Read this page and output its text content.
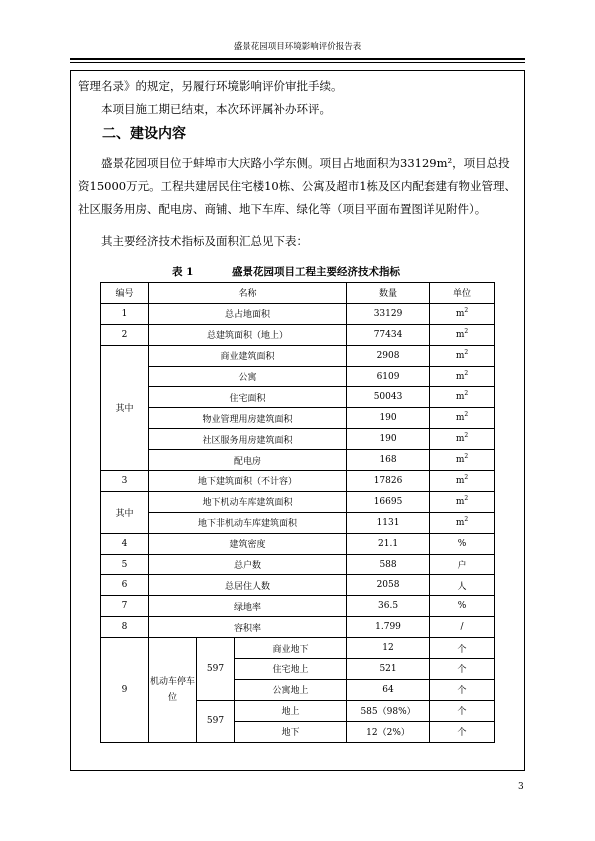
盛景花园项目环境影响评价报告表
管理名录》的规定，另履行环境影响评价审批手续。
本项目施工期已结束，本次环评属补办环评。
二、建设内容
盛景花园项目位于蚌埠市大庆路小学东侧。项目占地面积为33129m²，项目总投资15000万元。工程共建居民住宅楼10栋、公寓及超市1栋及区内配套建有物业管理、社区服务用房、配电房、商铺、地下车库、绿化等（项目平面布置图详见附件）。
其主要经济技术指标及面积汇总见下表：
表 1	盛景花园项目工程主要经济技术指标
编号	名称			数量	单位
1	总占地面积			33129	$m^2$
2	总建筑面积（地上）			77434	$m^2$
其中	商业建筑面积			2908	$m^2$
	公寓			6109	$m^2$
	住宅面积			50043	$m^2$
	物业管理用房建筑面积			190	$m^2$
	社区服务用房建筑面积			190	$m^2$
	配电房			168	$m^2$
3	地下建筑面积（不计容）			17826	$m^2$
其中	地下机动车库建筑面积			16695	$m^2$
	地下非机动车库建筑面积			1131	$m^2$
4	建筑密度			21.1	%
5	总户数			588	户
6	总居住人数			2058	人
7	绿地率			36.5	%
8	容积率			1.799	/
9	机动车停车位	597	商业地下	12	个
			住宅地上	521	个
			公寓地上	64	个
		597	地上	585（98%）	个
			地下	12（2%）	个
3
